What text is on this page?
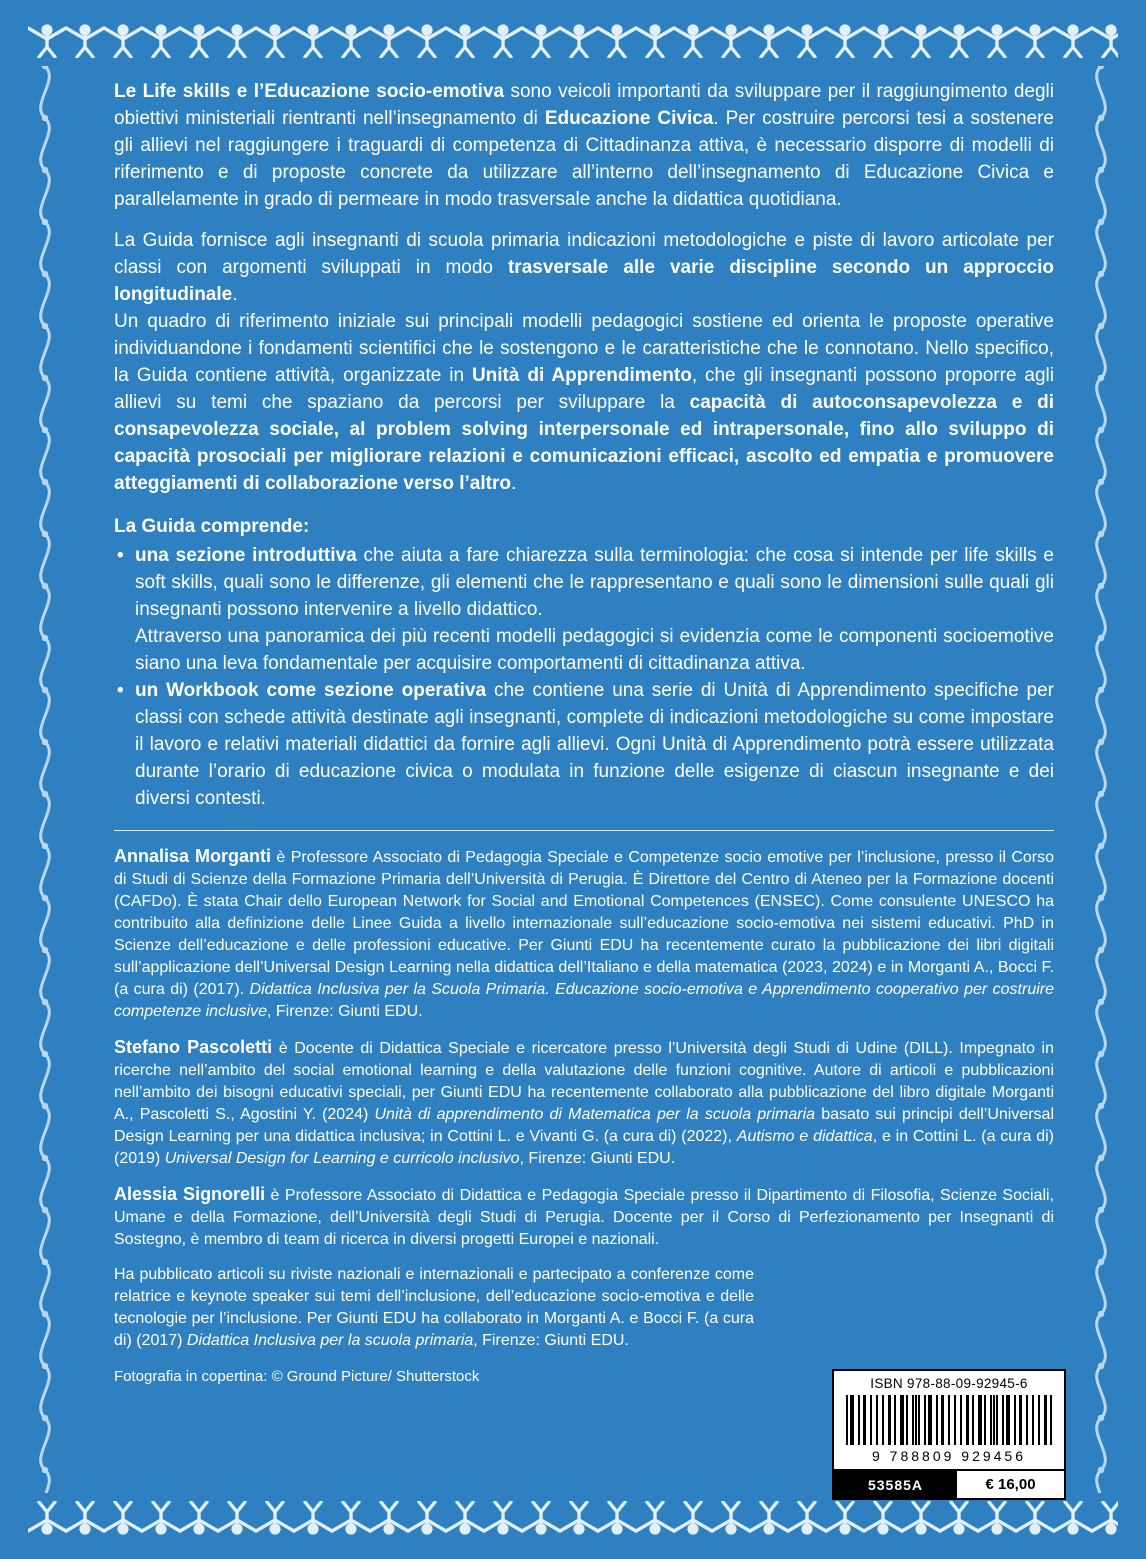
Le Life skills e l’Educazione socio-emotiva sono veicoli importanti da sviluppare per il raggiungimento degli obiettivi ministeriali rientranti nell’insegnamento di Educazione Civica. Per costruire percorsi tesi a sostenere gli allievi nel raggiungere i traguardi di competenza di Cittadinanza attiva, è necessario disporre di modelli di riferimento e di proposte concrete da utilizzare all’interno dell’insegnamento di Educazione Civica e parallelamente in grado di permeare in modo trasversale anche la didattica quotidiana.

La Guida fornisce agli insegnanti di scuola primaria indicazioni metodologiche e piste di lavoro articolate per classi con argomenti sviluppati in modo trasversale alle varie discipline secondo un approccio longitudinale.

Un quadro di riferimento iniziale sui principali modelli pedagogici sostiene ed orienta le proposte operative individuandone i fondamenti scientifici che le sostengono e le caratteristiche che le connotano. Nello specifico, la Guida contiene attività, organizzate in Unità di Apprendimento, che gli insegnanti possono proporre agli allievi su temi che spaziano da percorsi per sviluppare la capacità di autoconsapevolezza e di consapevolezza sociale, al problem solving interpersonale ed intrapersonale, fino allo sviluppo di capacità prosociali per migliorare relazioni e comunicazioni efficaci, ascolto ed empatia e promuovere atteggiamenti di collaborazione verso l’altro.

La Guida comprende:

• una sezione introduttiva che aiuta a fare chiarezza sulla terminologia: che cosa si intende per life skills e soft skills, quali sono le differenze, gli elementi che le rappresentano e quali sono le dimensioni sulle quali gli insegnanti possono intervenire a livello didattico.

Attraverso una panoramica dei più recenti modelli pedagogici si evidenzia come le componenti socioemotive siano una leva fondamentale per acquisire comportamenti di cittadinanza attiva.

• un Workbook come sezione operativa che contiene una serie di Unità di Apprendimento specifiche per classi con schede attività destinate agli insegnanti, complete di indicazioni metodologiche su come impostare il lavoro e relativi materiali didattici da fornire agli allievi. Ogni Unità di Apprendimento potrà essere utilizzata durante l’orario di educazione civica o modulata in funzione delle esigenze di ciascun insegnante e dei diversi contesti.

Annalisa Morganti è Professore Associato di Pedagogia Speciale e Competenze socio emotive per l’inclusione, presso il Corso di Studi di Scienze della Formazione Primaria dell’Università di Perugia. È Direttore del Centro di Ateneo per la Formazione docenti (CAFDo). È stata Chair dello European Network for Social and Emotional Competences (ENSEC). Come consulente UNESCO ha contribuito alla definizione delle Linee Guida a livello internazionale sull’educazione socio-emotiva nei sistemi educativi. PhD in Scienze dell’educazione e delle professioni educative. Per Giunti EDU ha recentemente curato la pubblicazione dei libri digitali sull’applicazione dell’Universal Design Learning nella didattica dell’Italiano e della matematica (2023, 2024) e in Morganti A., Bocci F. (a cura di) (2017). Didattica Inclusiva per la Scuola Primaria. Educazione socio-emotiva e Apprendimento cooperativo per costruire competenze inclusive, Firenze: Giunti EDU.

Stefano Pascoletti è Docente di Didattica Speciale e ricercatore presso l’Università degli Studi di Udine (DILL). Impegnato in ricerche nell’ambito del social emotional learning e della valutazione delle funzioni cognitive. Autore di articoli e pubblicazioni nell’ambito dei bisogni educativi speciali, per Giunti EDU ha recentemente collaborato alla pubblicazione del libro digitale Morganti A., Pascoletti S., Agostini Y. (2024) Unità di apprendimento di Matematica per la scuola primaria basato sui principi dell’Universal Design Learning per una didattica inclusiva; in Cottini L. e Vivanti G. (a cura di) (2022), Autismo e didattica, e in Cottini L. (a cura di) (2019) Universal Design for Learning e curricolo inclusivo, Firenze: Giunti EDU.

Alessia Signorelli è Professore Associato di Didattica e Pedagogia Speciale presso il Dipartimento di Filosofia, Scienze Sociali, Umane e della Formazione, dell’Università degli Studi di Perugia. Docente per il Corso di Perfezionamento per Insegnanti di Sostegno, è membro di team di ricerca in diversi progetti Europei e nazionali.

Ha pubblicato articoli su riviste nazionali e internazionali e partecipato a conferenze come relatrice e keynote speaker sui temi dell’inclusione, dell’educazione socio-emotiva e delle tecnologie per l’inclusione. Per Giunti EDU ha collaborato in Morganti A. e Bocci F. (a cura di) (2017) Didattica Inclusiva per la scuola primaria, Firenze: Giunti EDU.

Fotografia in copertina: © Ground Picture/ Shutterstock	ISBN 978-88-09-92945-6
9 788809 929456
53585A	€ 16,00
